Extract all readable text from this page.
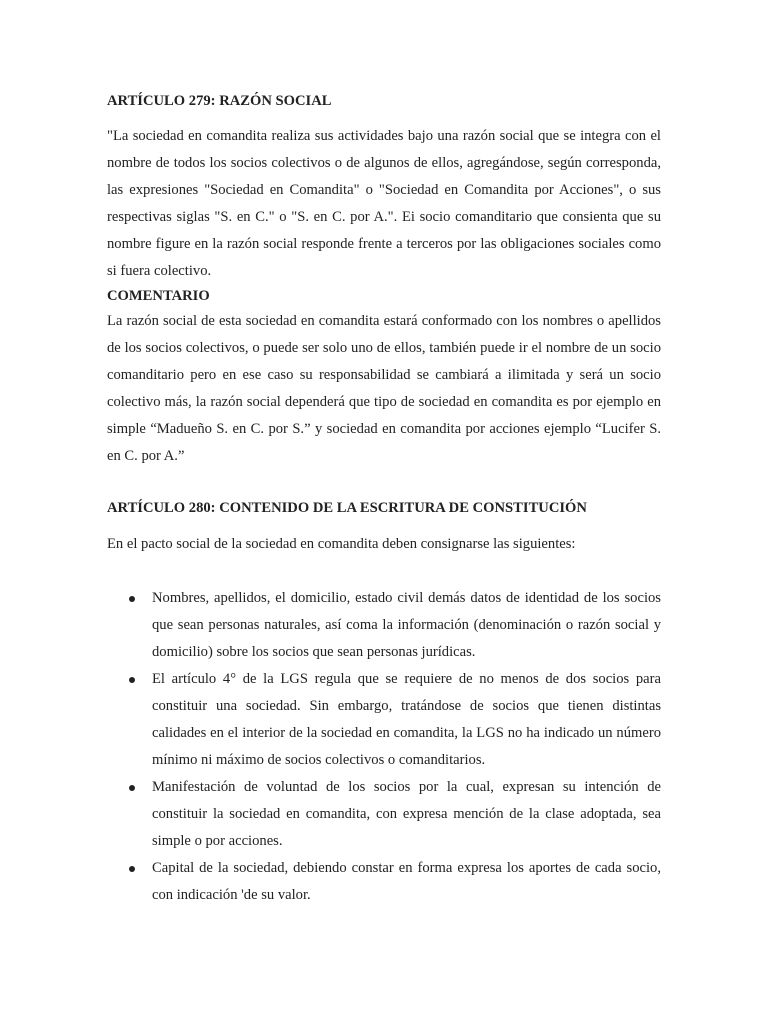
ARTÍCULO 279: RAZÓN SOCIAL

"La sociedad en comandita realiza sus actividades bajo una razón social que se integra con el nombre de todos los socios colectivos o de algunos de ellos, agregándose, según corresponda, las expresiones "Sociedad en Comandita" o "Sociedad en Comandita por Acciones", o sus respectivas siglas "S. en C." o "S. en C. por A.". Ei socio comanditario que consienta que su nombre figure en la razón social responde frente a terceros por las obligaciones sociales como si fuera colectivo.

COMENTARIO

La razón social de esta sociedad en comandita estará conformado con los nombres o apellidos de los socios colectivos, o puede ser solo uno de ellos, también puede ir el nombre de un socio comanditario pero en ese caso su responsabilidad se cambiará a ilimitada y será un socio colectivo más, la razón social dependerá que tipo de sociedad en comandita es por ejemplo en simple “Madueño S. en C. por S.” y sociedad en comandita por acciones ejemplo “Lucifer S. en C. por A.”

ARTÍCULO 280: CONTENIDO DE LA ESCRITURA DE CONSTITUCIÓN

En el pacto social de la sociedad en comandita deben consignarse las siguientes:

Nombres, apellidos, el domicilio, estado civil demás datos de identidad de los socios que sean personas naturales, así coma la información (denominación o razón social y domicilio) sobre los socios que sean personas jurídicas.
El artículo 4° de la LGS regula que se requiere de no menos de dos socios para constituir una sociedad. Sin embargo, tratándose de socios que tienen distintas calidades en el interior de la sociedad en comandita, la LGS no ha indicado un número mínimo ni máximo de socios colectivos o comanditarios.
Manifestación de voluntad de los socios por la cual, expresan su intención de constituir la sociedad en comandita, con expresa mención de la clase adoptada, sea simple o por acciones.
Capital de la sociedad, debiendo constar en forma expresa los aportes de cada socio, con indicación 'de su valor.
